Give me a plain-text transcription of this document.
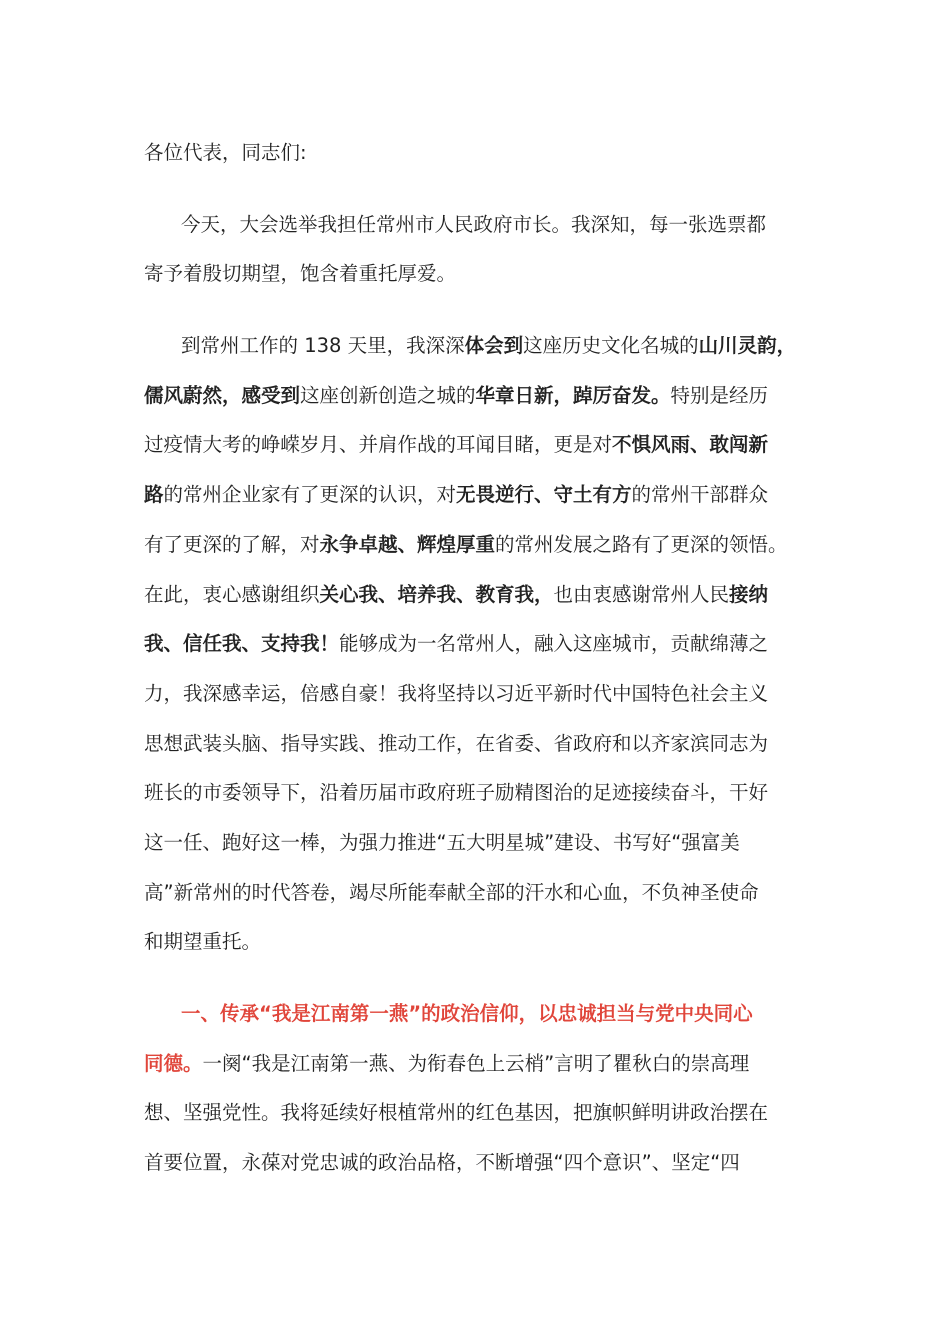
各位代表，同志们:
今天，大会选举我担任常州市人民政府市长。我深知，每一张选票都
寄予着殷切期望，饱含着重托厚爱。
到常州工作的 138 天里，我深深体会到这座历史文化名城的山川灵韵，
儒风蔚然，感受到这座创新创造之城的华章日新，踔厉奋发。特别是经历
过疫情大考的峥嵘岁月、并肩作战的耳闻目睹，更是对不惧风雨、敢闯新
路的常州企业家有了更深的认识，对无畏逆行、守土有方的常州干部群众
有了更深的了解，对永争卓越、辉煌厚重的常州发展之路有了更深的领悟。
在此，衷心感谢组织关心我、培养我、教育我，也由衷感谢常州人民接纳
我、信任我、支持我！能够成为一名常州人，融入这座城市，贡献绵薄之
力，我深感幸运，倍感自豪！我将坚持以习近平新时代中国特色社会主义
思想武装头脑、指导实践、推动工作，在省委、省政府和以齐家滨同志为
班长的市委领导下，沿着历届市政府班子励精图治的足迹接续奋斗，干好
这一任、跑好这一棒，为强力推进“五大明星城”建设、书写好“强富美
高”新常州的时代答卷，竭尽所能奉献全部的汗水和心血，不负神圣使命
和期望重托。
一、传承“我是江南第一燕”的政治信仰，以忠诚担当与党中央同心
同德。一阕“我是江南第一燕、为衔春色上云梢”言明了瞿秋白的崇高理
想、坚强党性。我将延续好根植常州的红色基因，把旗帜鲜明讲政治摆在
首要位置，永葆对党忠诚的政治品格，不断增强“四个意识”、坚定“四
